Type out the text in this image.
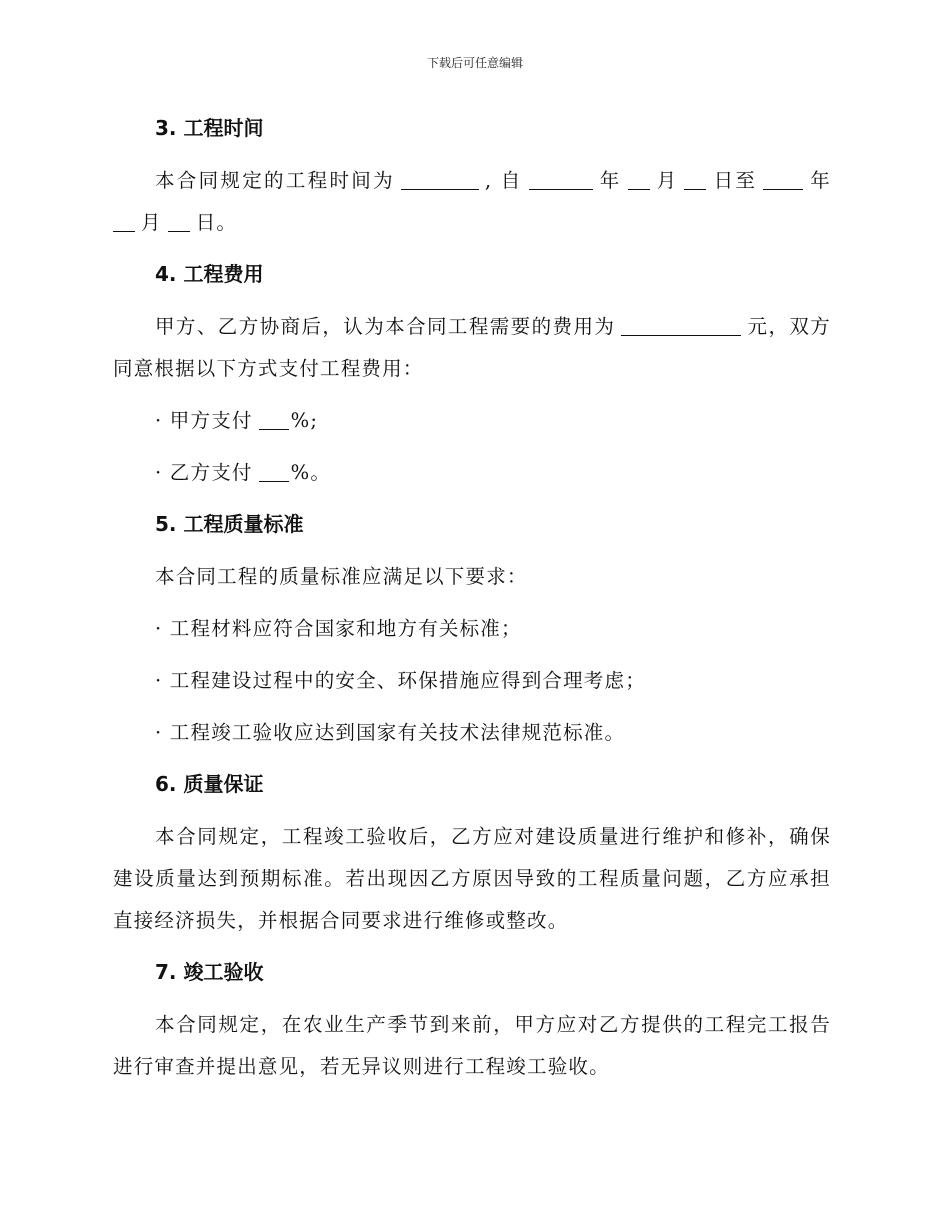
下载后可任意编辑
3. 工程时间

本合同规定的工程时间为	, 自	年 月 日至	年 月 日。

4. 工程费用

甲方、乙方协商后，认为本合同工程需要的费用为	元，双方同意根据以下方式支付工程费用：

· 甲方支付 %;
· 乙方支付 %。
5. 工程质量标准

本合同工程的质量标准应满足以下要求：

· 工程材料应符合国家和地方有关标准；
· 工程建设过程中的安全、环保措施应得到合理考虑；
· 工程竣工验收应达到国家有关技术法律规范标准。
6. 质量保证

本合同规定，工程竣工验收后，乙方应对建设质量进行维护和修补，确保建设质量达到预期标准。若出现因乙方原因导致的工程质量问题，乙方应承担直接经济损失，并根据合同要求进行维修或整改。

7. 竣工验收

本合同规定，在农业生产季节到来前，甲方应对乙方提供的工程完工报告进行审查并提出意见，若无异议则进行工程竣工验收。
